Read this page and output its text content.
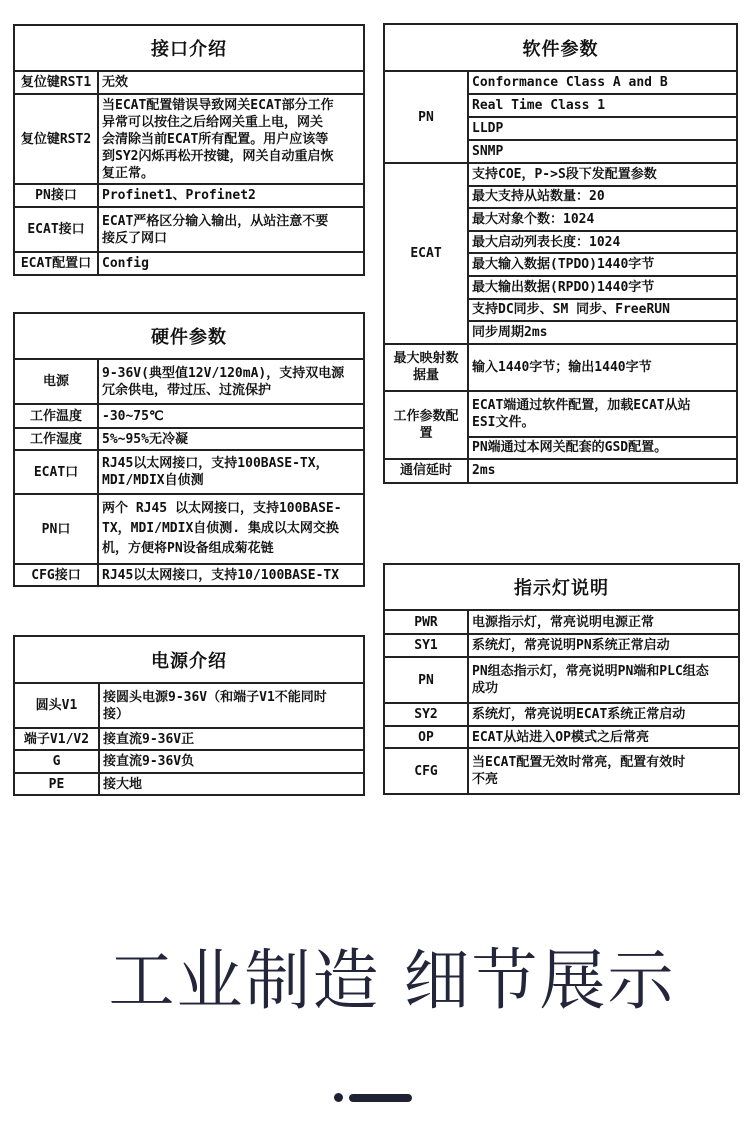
接口介绍	
复位键RST1	无效
复位键RST2	当ECAT配置错误导致网关ECAT部分工作
异常可以按住之后给网关重上电，网关
会清除当前ECAT所有配置。用户应该等
到SY2闪烁再松开按键，网关自动重启恢
复正常。
PN接口	Profinet1、Profinet2
ECAT接口	ECAT严格区分输入输出，从站注意不要
接反了网口
ECAT配置口	Config
软件参数	
PN	Conformance Class A and B
	Real Time Class 1
	LLDP
	SNMP
ECAT	支持COE，P->S段下发配置参数
	最大支持从站数量：20
	最大对象个数：1024
	最大启动列表长度：1024
	最大输入数据(TPDO)1440字节
	最大输出数据(RPDO)1440字节
	支持DC同步、SM 同步、FreeRUN
	同步周期2ms
最大映射数
据量	输入1440字节；输出1440字节
工作参数配
置	ECAT端通过软件配置，加载ECAT从站
ESI文件。
	PN端通过本网关配套的GSD配置。
通信延时	2ms
硬件参数	
电源	9-36V(典型值12V/120mA)，支持双电源
冗余供电，带过压、过流保护
工作温度	-30~75℃
工作湿度	5%~95%无冷凝
ECAT口	RJ45以太网接口，支持100BASE-TX，
MDI/MDIX自侦测
PN口	两个 RJ45 以太网接口，支持100BASE-
TX，MDI/MDIX自侦测. 集成以太网交换
机，方便将PN设备组成菊花链
CFG接口	RJ45以太网接口，支持10/100BASE-TX
电源介绍	
圆头V1	接圆头电源9-36V（和端子V1不能同时
接）
端子V1/V2	接直流9-36V正
G	接直流9-36V负
PE	接大地
指示灯说明	
PWR	电源指示灯，常亮说明电源正常
SY1	系统灯，常亮说明PN系统正常启动
PN	PN组态指示灯，常亮说明PN端和PLC组态
成功
SY2	系统灯，常亮说明ECAT系统正常启动
OP	ECAT从站进入OP模式之后常亮
CFG	当ECAT配置无效时常亮，配置有效时
不亮
工业制造 细节展示
